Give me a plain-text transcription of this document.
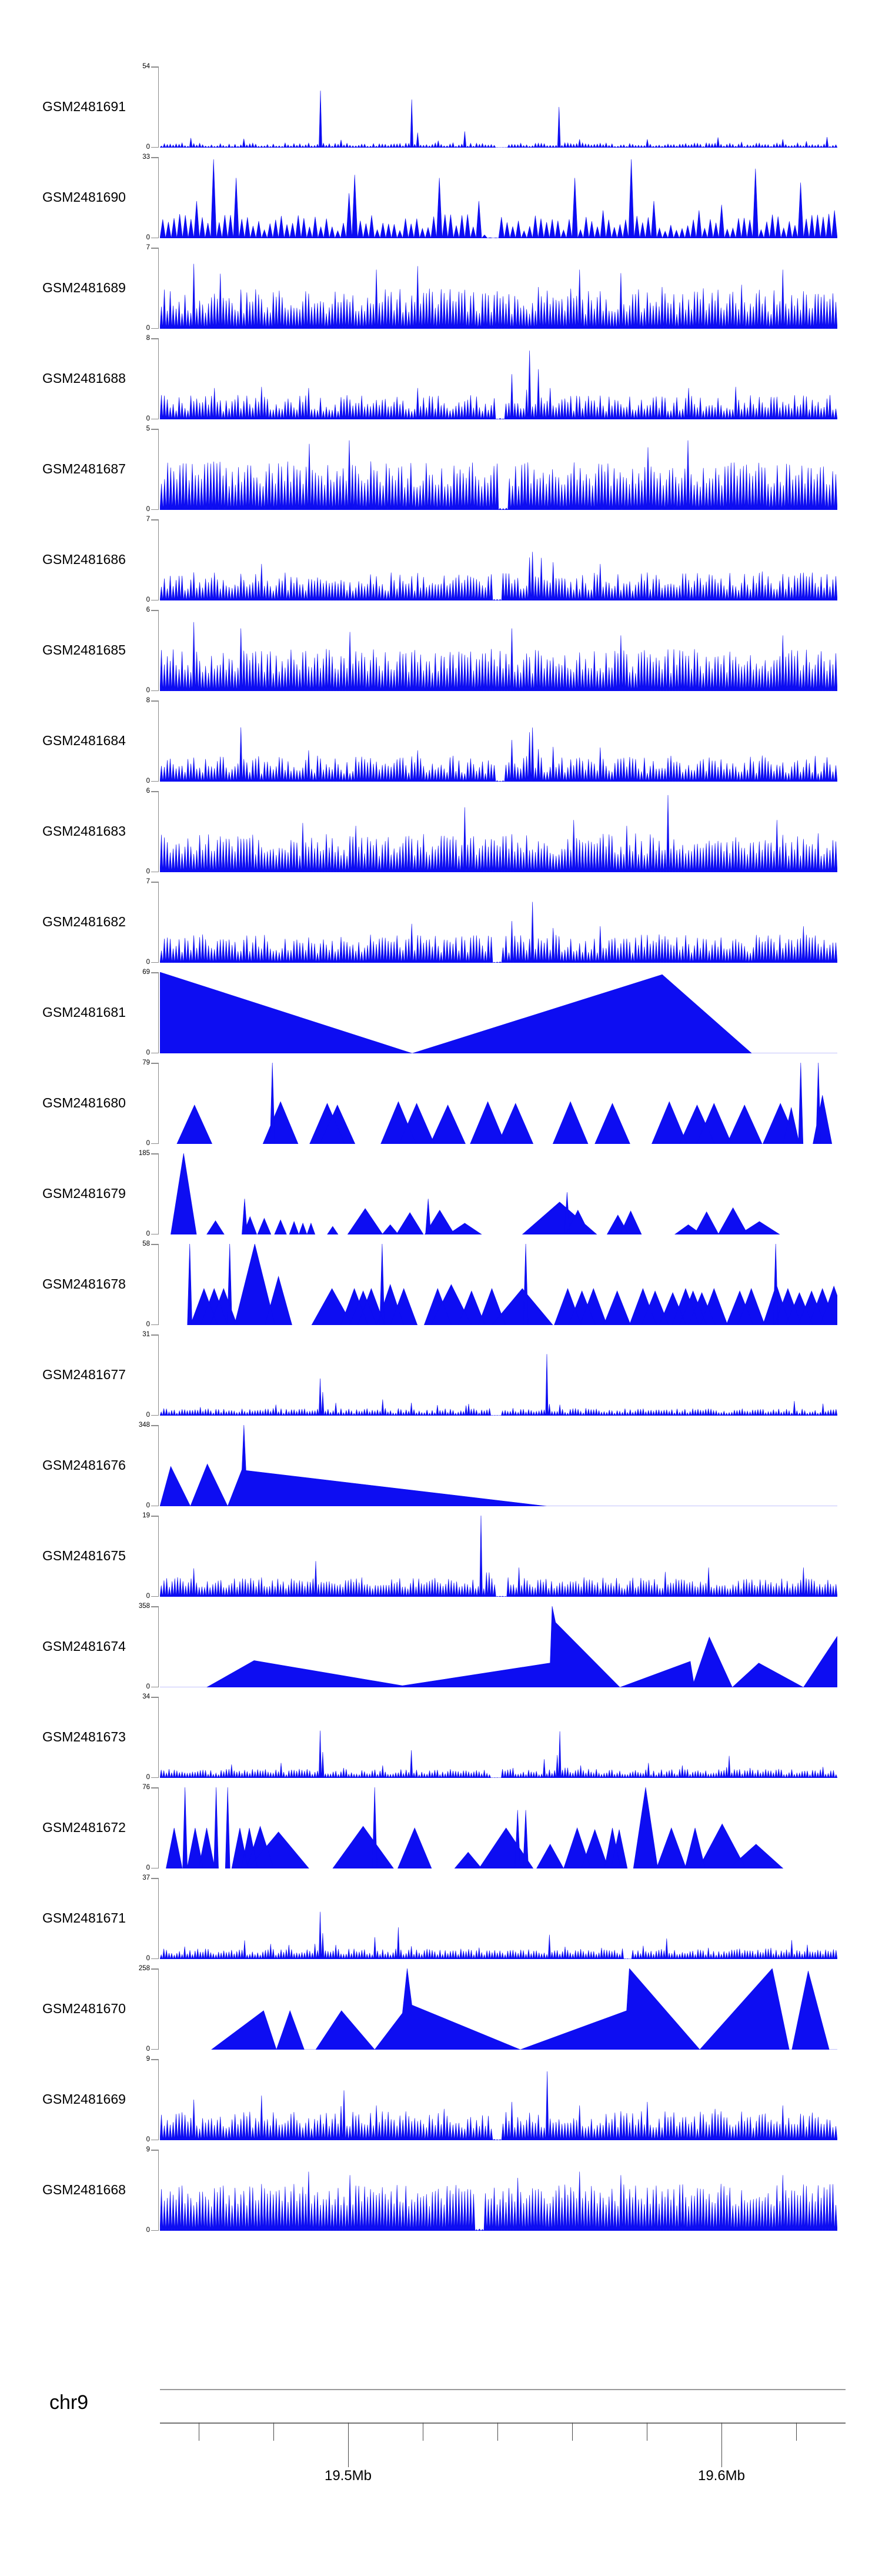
GSM2481691
54
0
GSM2481690
33
0
GSM2481689
7
0
GSM2481688
8
0
GSM2481687
5
0
GSM2481686
7
0
GSM2481685
6
0
GSM2481684
8
0
GSM2481683
6
0
GSM2481682
7
0
GSM2481681
69
0
GSM2481680
79
0
GSM2481679
185
0
GSM2481678
58
0
GSM2481677
31
0
GSM2481676
348
0
GSM2481675
19
0
GSM2481674
358
0
GSM2481673
34
0
GSM2481672
76
0
GSM2481671
37
0
GSM2481670
258
0
GSM2481669
9
0
GSM2481668
9
0
chr9
19.5Mb	19.6Mb
